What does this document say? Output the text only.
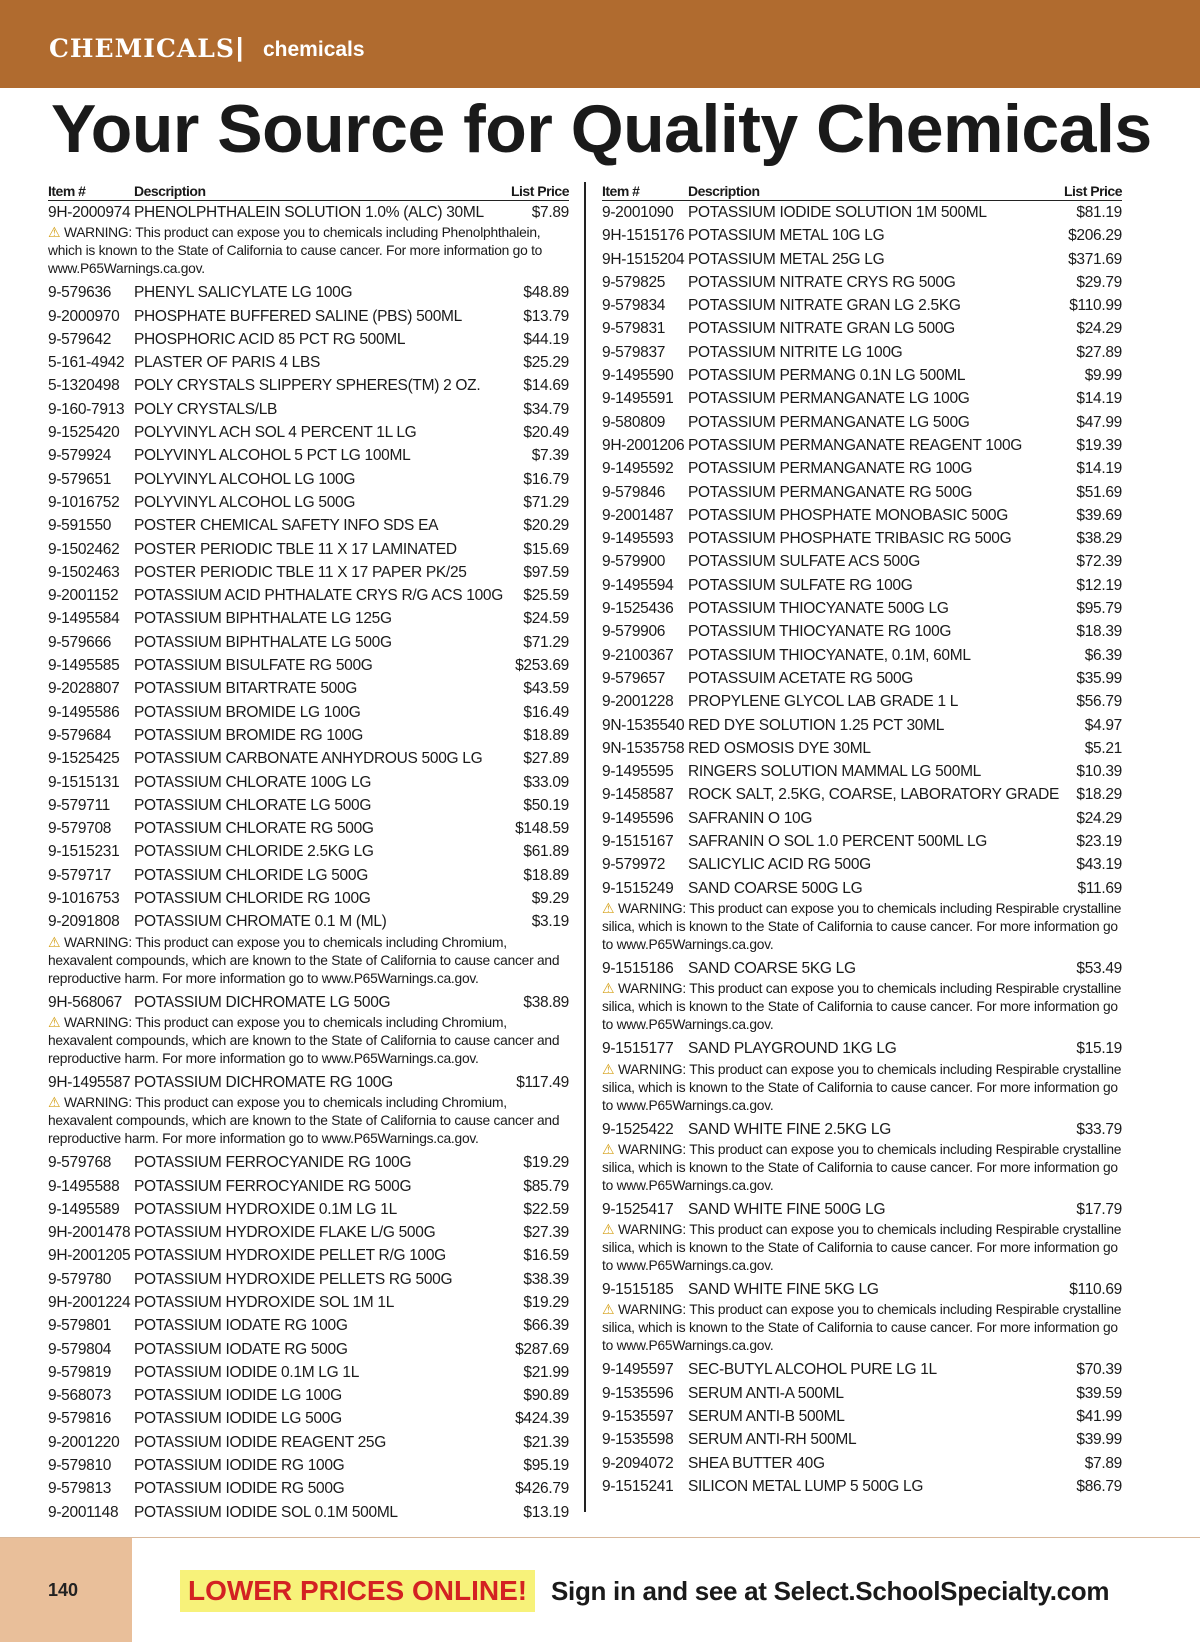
CHEMICALS | chemicals
Your Source for Quality Chemicals
Item #	Description	List Price
9H-2000974 PHENOLPHTHALEIN SOLUTION 1.0% (ALC) 30ML	$7.89
⚠ WARNING: This product can expose you to chemicals including Phenolphthalein, which is known to the State of California to cause cancer. For more information go to www.P65Warnings.ca.gov.
9-579636	PHENYL SALICYLATE LG 100G	$48.89
9-2000970 PHOSPHATE BUFFERED SALINE (PBS) 500ML	$13.79
9-579642	PHOSPHORIC ACID 85 PCT RG 500ML	$44.19
5-161-4942 PLASTER OF PARIS 4 LBS	$25.29
5-1320498 POLY CRYSTALS SLIPPERY SPHERES(TM) 2 OZ.	$14.69
9-160-7913 POLY CRYSTALS/LB	$34.79
9-1525420 POLYVINYL ACH SOL 4 PERCENT 1L LG	$20.49
9-579924	POLYVINYL ALCOHOL 5 PCT LG 100ML	$7.39
9-579651	POLYVINYL ALCOHOL LG 100G	$16.79
9-1016752 POLYVINYL ALCOHOL LG 500G	$71.29
9-591550	POSTER CHEMICAL SAFETY INFO SDS EA	$20.29
9-1502462 POSTER PERIODIC TBLE 11 X 17 LAMINATED	$15.69
9-1502463 POSTER PERIODIC TBLE 11 X 17 PAPER PK/25	$97.59
9-2001152	POTASSIUM ACID PHTHALATE CRYS R/G ACS 100G $25.59
9-1495584 POTASSIUM BIPHTHALATE LG 125G	$24.59
9-579666	POTASSIUM BIPHTHALATE LG 500G	$71.29
9-1495585 POTASSIUM BISULFATE RG 500G	$253.69
9-2028807 POTASSIUM BITARTRATE 500G	$43.59
9-1495586 POTASSIUM BROMIDE LG 100G	$16.49
9-579684	POTASSIUM BROMIDE RG 100G	$18.89
9-1525425 POTASSIUM CARBONATE ANHYDROUS 500G LG	$27.89
9-1515131 POTASSIUM CHLORATE 100G LG	$33.09
9-579711	POTASSIUM CHLORATE LG 500G	$50.19
9-579708	POTASSIUM CHLORATE RG 500G	$148.59
9-1515231 POTASSIUM CHLORIDE 2.5KG LG	$61.89
9-579717	POTASSIUM CHLORIDE LG 500G	$18.89
9-1016753 POTASSIUM CHLORIDE RG 100G	$9.29
9-2091808 POTASSIUM CHROMATE 0.1 M (ML)	$3.19
⚠ WARNING: This product can expose you to chemicals including Chromium, hexavalent compounds, which are known to the State of California to cause cancer and reproductive harm. For more information go to www.P65Warnings.ca.gov.
9H-568067 POTASSIUM DICHROMATE LG 500G	$38.89
⚠ WARNING: This product can expose you to chemicals including Chromium, hexavalent compounds, which are known to the State of California to cause cancer and reproductive harm. For more information go to www.P65Warnings.ca.gov.
9H-1495587 POTASSIUM DICHROMATE RG 100G	$117.49
⚠ WARNING: This product can expose you to chemicals including Chromium, hexavalent compounds, which are known to the State of California to cause cancer and reproductive harm. For more information go to www.P65Warnings.ca.gov.
9-579768	POTASSIUM FERROCYANIDE RG 100G	$19.29
9-1495588 POTASSIUM FERROCYANIDE RG 500G	$85.79
9-1495589 POTASSIUM HYDROXIDE 0.1M LG 1L	$22.59
9H-2001478 POTASSIUM HYDROXIDE FLAKE L/G 500G	$27.39
9H-2001205 POTASSIUM HYDROXIDE PELLET R/G 100G	$16.59
9-579780	POTASSIUM HYDROXIDE PELLETS RG 500G	$38.39
9H-2001224 POTASSIUM HYDROXIDE SOL 1M 1L	$19.29
9-579801	POTASSIUM IODATE RG 100G	$66.39
9-579804	POTASSIUM IODATE RG 500G	$287.69
9-579819	POTASSIUM IODIDE 0.1M LG 1L	$21.99
9-568073	POTASSIUM IODIDE LG 100G	$90.89
9-579816	POTASSIUM IODIDE LG 500G	$424.39
9-2001220 POTASSIUM IODIDE REAGENT 25G	$21.39
9-579810	POTASSIUM IODIDE RG 100G	$95.19
9-579813	POTASSIUM IODIDE RG 500G	$426.79
9-2001148	POTASSIUM IODIDE SOL 0.1M 500ML	$13.19
Item #	Description	List Price
9-2001090 POTASSIUM IODIDE SOLUTION 1M 500ML	$81.19
9H-1515176 POTASSIUM METAL 10G LG	$206.29
9H-1515204 POTASSIUM METAL 25G LG	$371.69
9-579825	POTASSIUM NITRATE CRYS RG 500G	$29.79
9-579834	POTASSIUM NITRATE GRAN LG 2.5KG	$110.99
9-579831	POTASSIUM NITRATE GRAN LG 500G	$24.29
9-579837	POTASSIUM NITRITE LG 100G	$27.89
9-1495590 POTASSIUM PERMANG 0.1N LG 500ML	$9.99
9-1495591 POTASSIUM PERMANGANATE LG 100G	$14.19
9-580809	POTASSIUM PERMANGANATE LG 500G	$47.99
9H-2001206 POTASSIUM PERMANGANATE REAGENT 100G	$19.39
9-1495592 POTASSIUM PERMANGANATE RG 100G	$14.19
9-579846	POTASSIUM PERMANGANATE RG 500G	$51.69
9-2001487 POTASSIUM PHOSPHATE MONOBASIC 500G	$39.69
9-1495593 POTASSIUM PHOSPHATE TRIBASIC RG 500G	$38.29
9-579900	POTASSIUM SULFATE ACS 500G	$72.39
9-1495594 POTASSIUM SULFATE RG 100G	$12.19
9-1525436 POTASSIUM THIOCYANATE 500G LG	$95.79
9-579906	POTASSIUM THIOCYANATE RG 100G	$18.39
9-2100367 POTASSIUM THIOCYANATE, 0.1M, 60ML	$6.39
9-579657	POTASSUIM ACETATE RG 500G	$35.99
9-2001228 PROPYLENE GLYCOL LAB GRADE 1 L	$56.79
9N-1535540 RED DYE SOLUTION 1.25 PCT 30ML	$4.97
9N-1535758 RED OSMOSIS DYE 30ML	$5.21
9-1495595 RINGERS SOLUTION MAMMAL LG 500ML	$10.39
9-1458587 ROCK SALT, 2.5KG, COARSE, LABORATORY GRADE $18.29
9-1495596 SAFRANIN O 10G	$24.29
9-1515167 SAFRANIN O SOL 1.0 PERCENT 500ML LG	$23.19
9-579972	SALICYLIC ACID RG 500G	$43.19
9-1515249 SAND COARSE 500G LG	$11.69
⚠ WARNING: This product can expose you to chemicals including Respirable crystalline silica, which is known to the State of California to cause cancer. For more information go to www.P65Warnings.ca.gov.
9-1515186 SAND COARSE 5KG LG	$53.49
⚠ WARNING: This product can expose you to chemicals including Respirable crystalline silica, which is known to the State of California to cause cancer. For more information go to www.P65Warnings.ca.gov.
9-1515177 SAND PLAYGROUND 1KG LG	$15.19
⚠ WARNING: This product can expose you to chemicals including Respirable crystalline silica, which is known to the State of California to cause cancer. For more information go to www.P65Warnings.ca.gov.
9-1525422 SAND WHITE FINE 2.5KG LG	$33.79
⚠ WARNING: This product can expose you to chemicals including Respirable crystalline silica, which is known to the State of California to cause cancer. For more information go to www.P65Warnings.ca.gov.
9-1525417 SAND WHITE FINE 500G LG	$17.79
⚠ WARNING: This product can expose you to chemicals including Respirable crystalline silica, which is known to the State of California to cause cancer. For more information go to www.P65Warnings.ca.gov.
9-1515185 SAND WHITE FINE 5KG LG	$110.69
⚠ WARNING: This product can expose you to chemicals including Respirable crystalline silica, which is known to the State of California to cause cancer. For more information go to www.P65Warnings.ca.gov.
9-1495597 SEC-BUTYL ALCOHOL PURE LG 1L	$70.39
9-1535596 SERUM ANTI-A 500ML	$39.59
9-1535597 SERUM ANTI-B 500ML	$41.99
9-1535598 SERUM ANTI-RH 500ML	$39.99
9-2094072 SHEA BUTTER 40G	$7.89
9-1515241 SILICON METAL LUMP 5 500G LG	$86.79
140	LOWER PRICES ONLINE! Sign in and see at Select.SchoolSpecialty.com
